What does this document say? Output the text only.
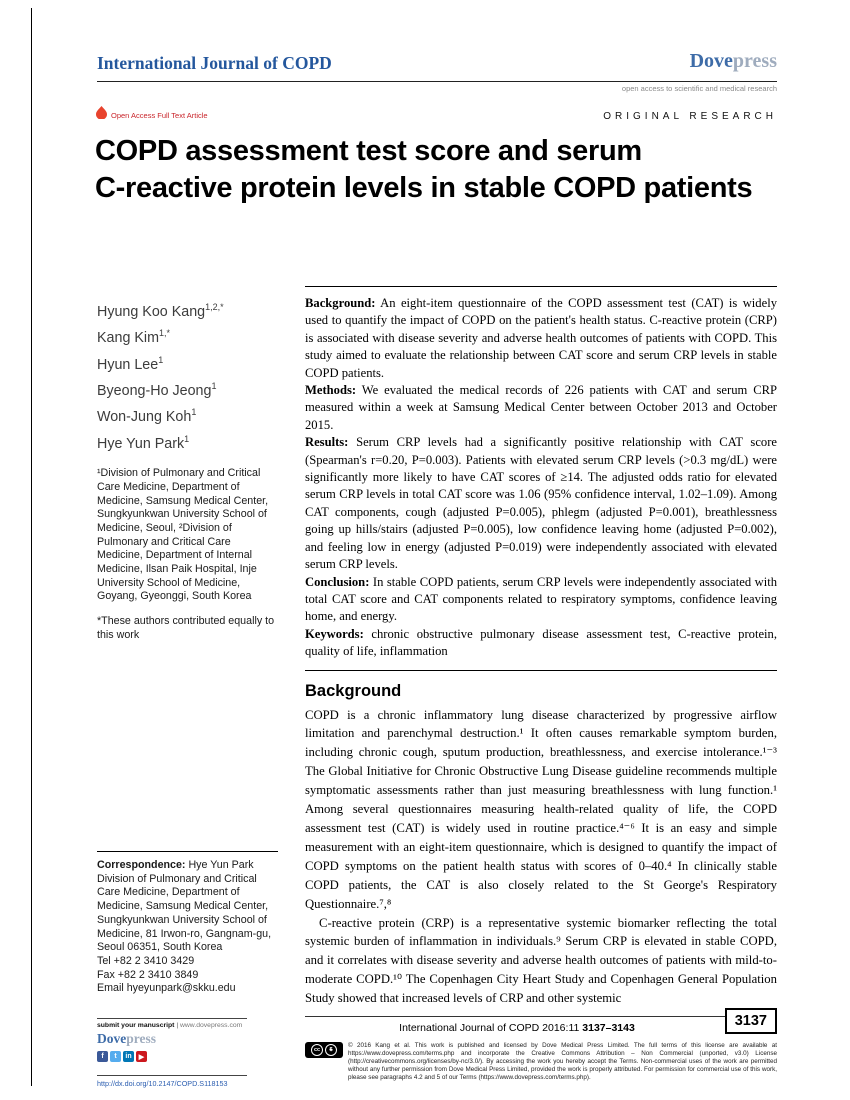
International Journal of COPD	Dovepress
open access to scientific and medical research
Open Access Full Text Article	ORIGINAL RESEARCH
COPD assessment test score and serum
C-reactive protein levels in stable COPD patients
Hyung Koo Kang$^{1,2,*}$
Kang Kim$^{1,*}$
Hyun Lee$^1$
Byeong-Ho Jeong$^1$
Won-Jung Koh$^1$
Hye Yun Park$^1$

¹Division of Pulmonary and Critical Care Medicine, Department of Medicine, Samsung Medical Center, Sungkyunkwan University School of Medicine, Seoul, ²Division of Pulmonary and Critical Care Medicine, Department of Internal Medicine, Ilsan Paik Hospital, Inje University School of Medicine, Goyang, Gyeonggi, South Korea

*These authors contributed equally to this work

Background: An eight-item questionnaire of the COPD assessment test (CAT) is widely used to quantify the impact of COPD on the patient's health status. C-reactive protein (CRP) is associated with disease severity and adverse health outcomes of patients with COPD. This study aimed to evaluate the relationship between CAT score and serum CRP levels in stable COPD patients.

Methods: We evaluated the medical records of 226 patients with CAT and serum CRP measured within a week at Samsung Medical Center between October 2013 and October 2015.

Results: Serum CRP levels had a significantly positive relationship with CAT score (Spearman's r=0.20, P=0.003). Patients with elevated serum CRP levels (>0.3 mg/dL) were significantly more likely to have CAT scores of ≥14. The adjusted odds ratio for elevated serum CRP levels in total CAT score was 1.06 (95% confidence interval, 1.02–1.09). Among CAT components, cough (adjusted P=0.005), phlegm (adjusted P=0.001), breathlessness going up hills/stairs (adjusted P=0.005), low confidence leaving home (adjusted P=0.002), and feeling low in energy (adjusted P=0.019) were independently associated with elevated serum CRP levels.

Conclusion: In stable COPD patients, serum CRP levels were independently associated with total CAT score and CAT components related to respiratory symptoms, confidence leaving home, and energy.

Keywords: chronic obstructive pulmonary disease assessment test, C-reactive protein, quality of life, inflammation

Background

COPD is a chronic inflammatory lung disease characterized by progressive airflow limitation and parenchymal destruction.¹ It often causes remarkable symptom burden, including chronic cough, sputum production, breathlessness, and exercise intolerance.¹⁻³ The Global Initiative for Chronic Obstructive Lung Disease guideline recommends multiple symptomatic assessments rather than just measuring breathlessness with lung function.¹ Among several questionnaires measuring health-related quality of life, the COPD assessment test (CAT) is widely used in routine practice.⁴⁻⁶ It is an easy and simple measurement with an eight-item questionnaire, which is designed to quantify the impact of COPD symptoms on the patient health status with scores of 0–40.⁴ In clinically stable COPD patients, the CAT is also closely related to the St George's Respiratory Questionnaire.⁷,⁸

C-reactive protein (CRP) is a representative systemic biomarker reflecting the total systemic burden of inflammation in individuals.⁹ Serum CRP is elevated in stable COPD, and it correlates with disease severity and adverse health outcomes of patients with mild-to-moderate COPD.¹⁰ The Copenhagen City Heart Study and Copenhagen General Population Study showed that increased levels of CRP and other systemic

Correspondence: Hye Yun Park
Division of Pulmonary and Critical Care Medicine, Department of Medicine, Samsung Medical Center, Sungkyunkwan University School of Medicine, 81 Irwon-ro, Gangnam-gu, Seoul 06351, South Korea
Tel +82 2 3410 3429
Fax +82 2 3410 3849
Email hyeyunpark@skku.edu
submit your manuscript | www.dovepress.com
Dovepress
f	t	in	▶
http://dx.doi.org/10.2147/COPD.S118153
International Journal of COPD 2016:11 3137–3143	3137
cc	$
© 2016 Kang et al. This work is published and licensed by Dove Medical Press Limited. The full terms of this license are available at https://www.dovepress.com/terms.php and incorporate the Creative Commons Attribution – Non Commercial (unported, v3.0) License (http://creativecommons.org/licenses/by-nc/3.0/). By accessing the work you hereby accept the Terms. Non-commercial uses of the work are permitted without any further permission from Dove Medical Press Limited, provided the work is properly attributed. For permission for commercial use of this work, please see paragraphs 4.2 and 5 of our Terms (https://www.dovepress.com/terms.php).
